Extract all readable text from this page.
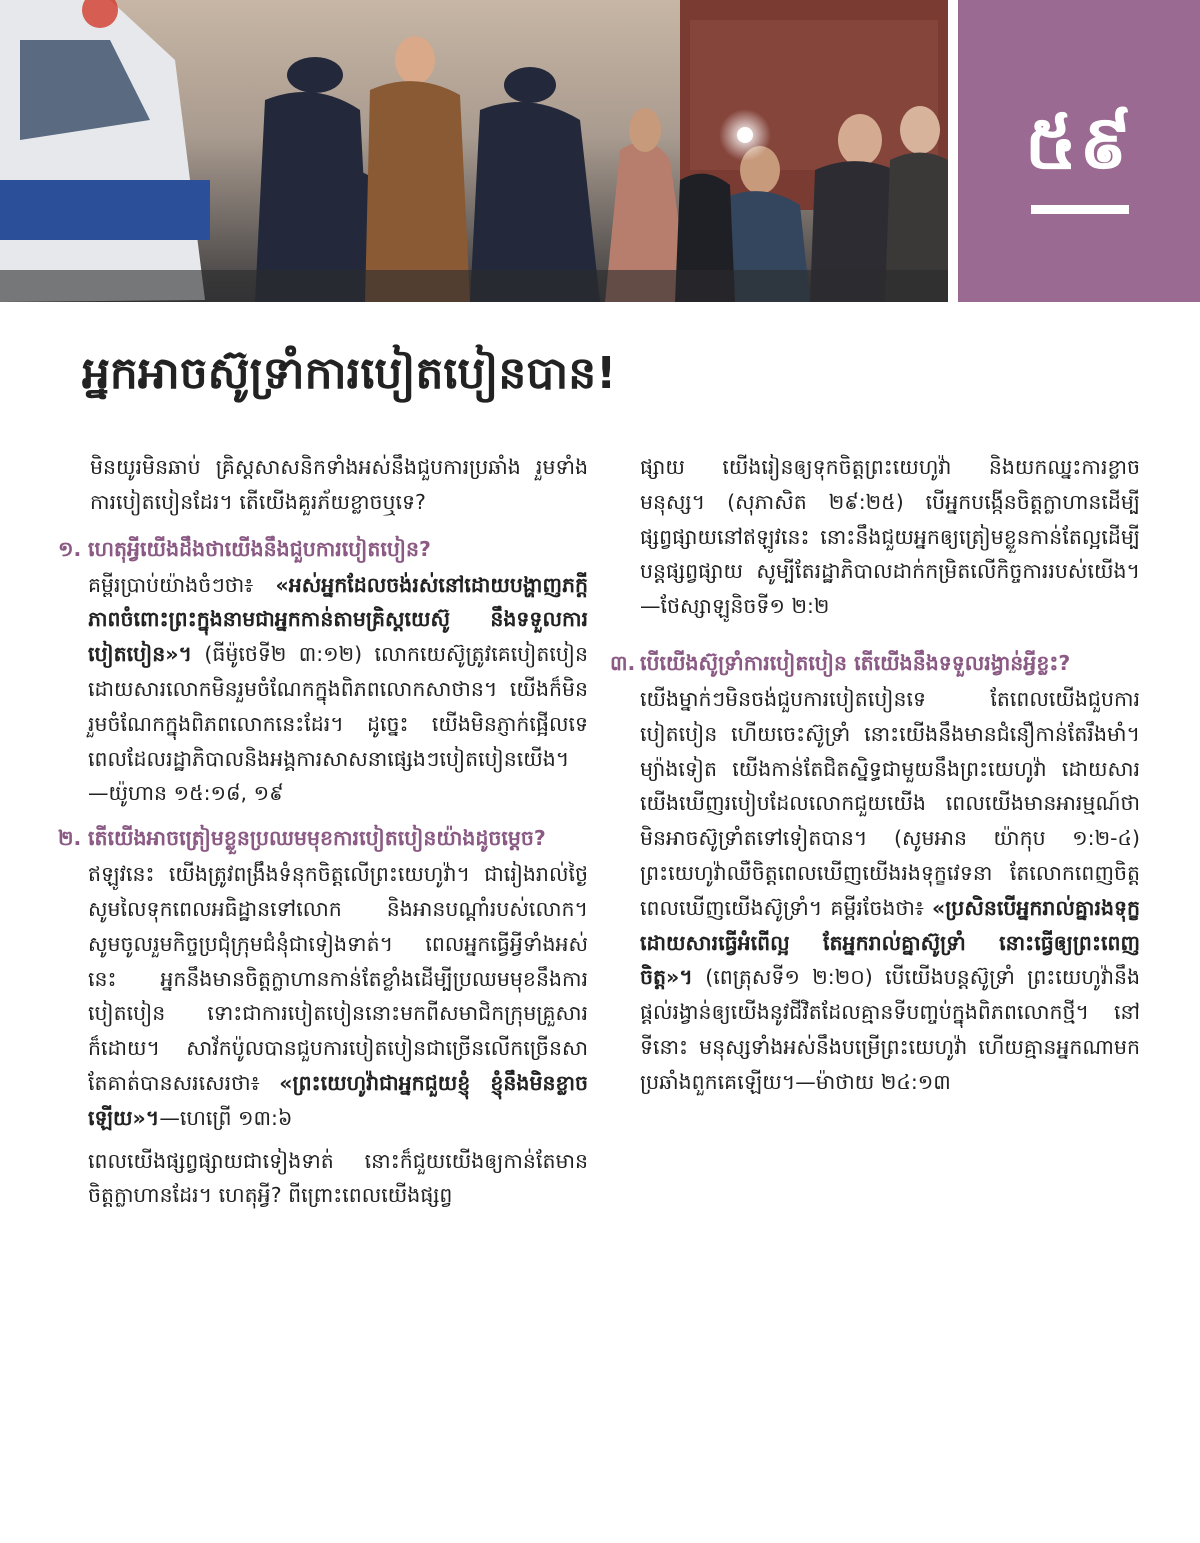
៥៩
អ្នកអាចស៊ូទ្រាំការបៀតបៀនបាន!

មិនយូរមិនឆាប់ គ្រិស្ដសាសនិកទាំងអស់នឹងជួបការប្រឆាំង រួមទាំងការបៀតបៀនដែរ។ តើយើងគួរភ័យខ្លាចឬទេ?

១. ហេតុអ្វីយើងដឹងថាយើងនឹងជួបការបៀតបៀន?

គម្ពីរប្រាប់យ៉ាងចំៗថា៖ «អស់អ្នកដែលចង់រស់នៅដោយបង្ហាញភក្ដីភាពចំពោះព្រះក្នុងនាមជាអ្នកកាន់តាមគ្រិស្ដយេស៊ូ នឹងទទួលការបៀតបៀន»។ (ធីម៉ូថេទី២ ៣:១២) លោកយេស៊ូត្រូវគេបៀតបៀន ដោយសារលោកមិនរួមចំណែកក្នុងពិភពលោកសាថាន។ យើងក៏មិនរួមចំណែកក្នុងពិភពលោកនេះដែរ។ ដូច្នេះ យើងមិនភ្ញាក់ផ្អើលទេ ពេលដែលរដ្ឋាភិបាលនិងអង្គការសាសនាផ្សេងៗបៀតបៀនយើង។—យ៉ូហាន ១៥:១៨, ១៩

២. តើយើងអាចត្រៀមខ្លួនប្រឈមមុខការបៀតបៀនយ៉ាងដូចម្ដេច?

ឥឡូវនេះ យើងត្រូវពង្រឹងទំនុកចិត្តលើព្រះយេហូវ៉ា។ ជារៀងរាល់ថ្ងៃ សូមលៃទុកពេលអធិដ្ឋានទៅលោក និងអានបណ្ដាំរបស់លោក។ សូមចូលរួមកិច្ចប្រជុំក្រុមជំនុំជាទៀងទាត់។ ពេលអ្នកធ្វើអ្វីទាំងអស់នេះ អ្នកនឹងមានចិត្តក្លាហានកាន់តែខ្លាំងដើម្បីប្រឈមមុខនឹងការបៀតបៀន ទោះជាការបៀតបៀននោះមកពីសមាជិកក្រុមគ្រួសារក៏ដោយ។ សាវ័កប៉ូលបានជួបការបៀតបៀនជាច្រើនលើកច្រើនសា តែគាត់បានសរសេរថា៖ «ព្រះយេហូវ៉ាជាអ្នកជួយខ្ញុំ ខ្ញុំនឹងមិនខ្លាចឡើយ»។—ហេព្រើ ១៣:៦

ពេលយើងផ្សព្វផ្សាយជាទៀងទាត់ នោះក៏ជួយយើងឲ្យកាន់តែមានចិត្តក្លាហានដែរ។ ហេតុអ្វី? ពីព្រោះពេលយើងផ្សព្វ

ផ្សាយ យើងរៀនឲ្យទុកចិត្តព្រះយេហូវ៉ា និងយកឈ្នះការខ្លាចមនុស្ស។ (សុភាសិត ២៩:២៥) បើអ្នកបង្កើនចិត្តក្លាហានដើម្បីផ្សព្វផ្សាយនៅឥឡូវនេះ នោះនឹងជួយអ្នកឲ្យត្រៀមខ្លួនកាន់តែល្អដើម្បីបន្តផ្សព្វផ្សាយ សូម្បីតែរដ្ឋាភិបាលដាក់កម្រិតលើកិច្ចការរបស់យើង។—ថែស្សាឡូនិចទី១ ២:២

៣. បើយើងស៊ូទ្រាំការបៀតបៀន តើយើងនឹងទទួលរង្វាន់អ្វីខ្លះ?

យើងម្នាក់ៗមិនចង់ជួបការបៀតបៀនទេ តែពេលយើងជួបការបៀតបៀន ហើយចេះស៊ូទ្រាំ នោះយើងនឹងមានជំនឿកាន់តែរឹងមាំ។ ម្យ៉ាងទៀត យើងកាន់តែជិតស្និទ្ធជាមួយនឹងព្រះយេហូវ៉ា ដោយសារយើងឃើញរបៀបដែលលោកជួយយើង ពេលយើងមានអារម្មណ៍ថាមិនអាចស៊ូទ្រាំតទៅទៀតបាន។ (សូមអាន យ៉ាកុប ១:២-៤) ព្រះយេហូវ៉ាឈឺចិត្តពេលឃើញយើងរងទុក្ខវេទនា តែលោកពេញចិត្តពេលឃើញយើងស៊ូទ្រាំ។ គម្ពីរចែងថា៖ «ប្រសិនបើអ្នករាល់គ្នារងទុក្ខដោយសារធ្វើអំពើល្អ តែអ្នករាល់គ្នាស៊ូទ្រាំ នោះធ្វើឲ្យព្រះពេញចិត្ត»។ (ពេត្រុសទី១ ២:២០) បើយើងបន្តស៊ូទ្រាំ ព្រះយេហូវ៉ានឹងផ្ដល់រង្វាន់ឲ្យយើងនូវជីវិតដែលគ្មានទីបញ្ចប់ក្នុងពិភពលោកថ្មី។ នៅទីនោះ មនុស្សទាំងអស់នឹងបម្រើព្រះយេហូវ៉ា ហើយគ្មានអ្នកណាមកប្រឆាំងពួកគេឡើយ។—ម៉ាថាយ ២៤:១៣
